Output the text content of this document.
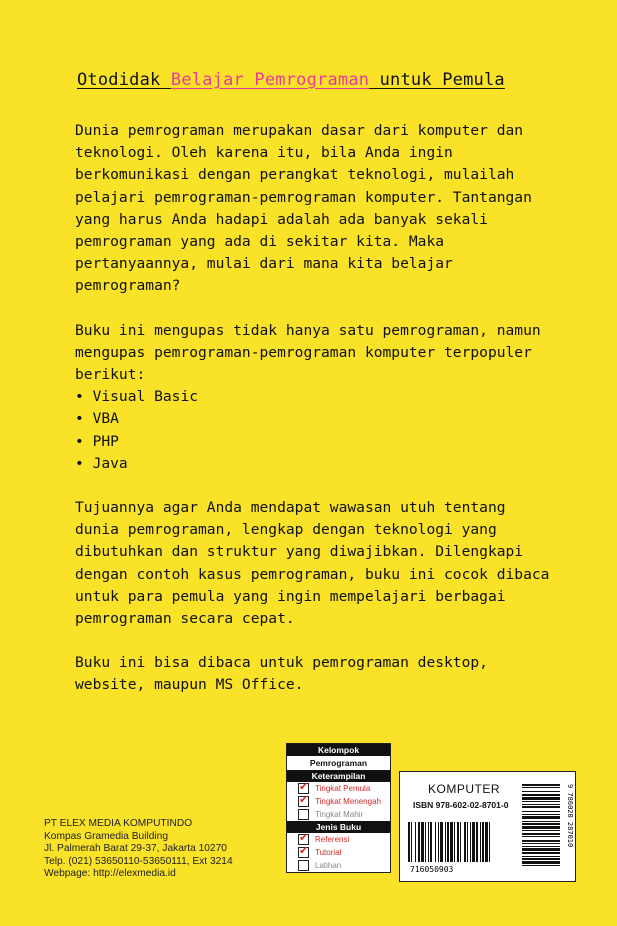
Otodidak Belajar Pemrograman untuk Pemula

Dunia pemrograman merupakan dasar dari komputer dan teknologi. Oleh karena itu, bila Anda ingin berkomunikasi dengan perangkat teknologi, mulailah pelajari pemrograman-pemrograman komputer. Tantangan yang harus Anda hadapi adalah ada banyak sekali pemrograman yang ada di sekitar kita. Maka pertanyaannya, mulai dari mana kita belajar pemrograman?

Buku ini mengupas tidak hanya satu pemrograman, namun mengupas pemrograman-pemrograman komputer terpopuler berikut:

• Visual Basic
• VBA
• PHP
• Java

Tujuannya agar Anda mendapat wawasan utuh tentang dunia pemrograman, lengkap dengan teknologi yang dibutuhkan dan struktur yang diwajibkan. Dilengkapi dengan contoh kasus pemrograman, buku ini cocok dibaca untuk para pemula yang ingin mempelajari berbagai pemrograman secara cepat.

Buku ini bisa dibaca untuk pemrograman desktop, website, maupun MS Office.

PT ELEX MEDIA KOMPUTINDO
Kompas Gramedia Building
Jl. Palmerah Barat 29-37, Jakarta 10270
Telp. (021) 53650110-53650111, Ext 3214
Webpage: http://elexmedia.id
Kelompok
Pemrograman
Keterampilan
✔
Tingkat Pemula
✔
Tingkat Menengah
Tingkat Mahir
Jenis Buku
✔
Referensi
✔
Tutorial
Latihan
KOMPUTER
ISBN 978-602-02-8701-0
716050903
9 786020 287010
